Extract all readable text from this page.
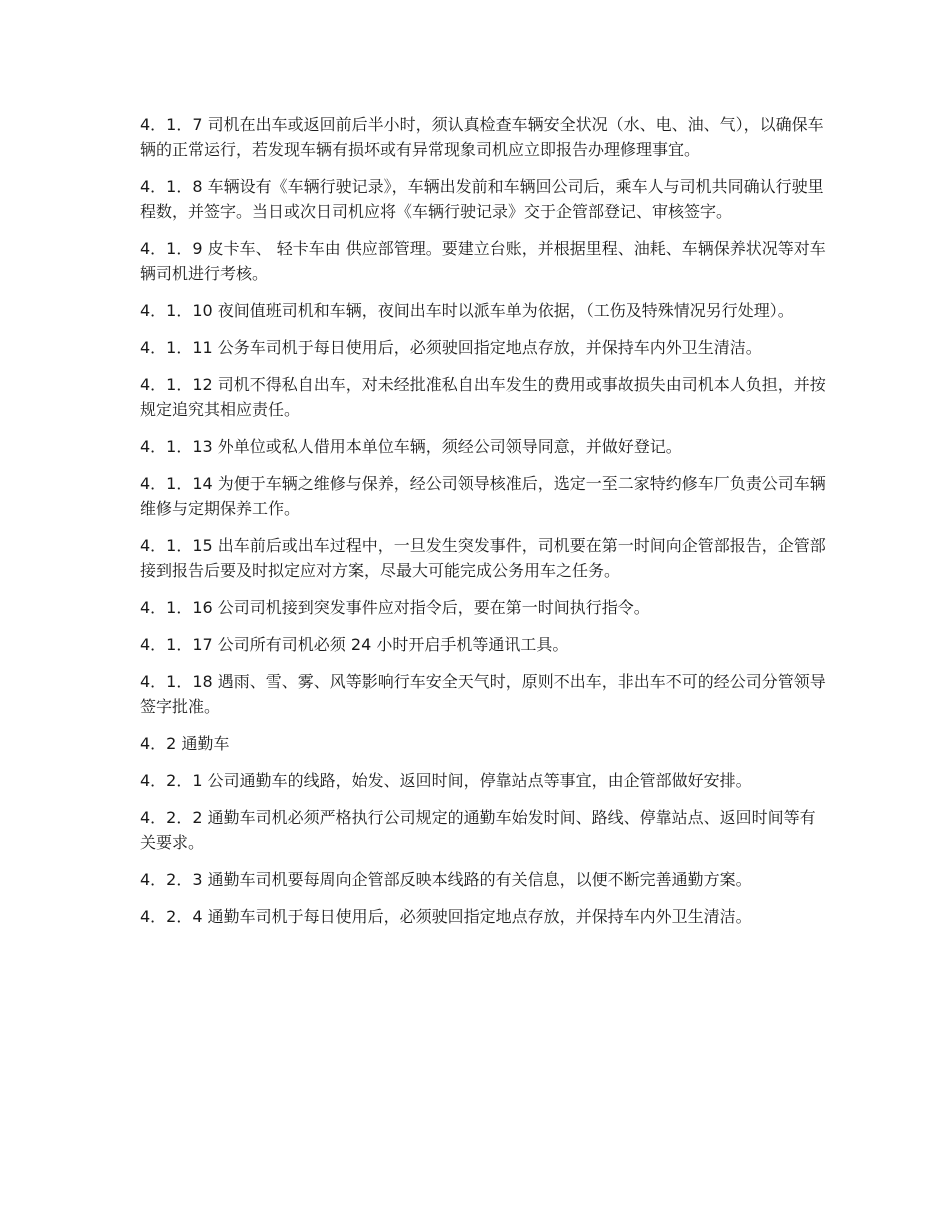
4．1．7 司机在出车或返回前后半小时，须认真检查车辆安全状况（水、电、油、气），以确保车辆的正常运行，若发现车辆有损坏或有异常现象司机应立即报告办理修理事宜。

4．1．8 车辆设有《车辆行驶记录》，车辆出发前和车辆回公司后，乘车人与司机共同确认行驶里程数，并签字。当日或次日司机应将《车辆行驶记录》交于企管部登记、审核签字。

4．1．9 皮卡车、 轻卡车由 供应部管理。要建立台账，并根据里程、油耗、车辆保养状况等对车辆司机进行考核。

4．1．10 夜间值班司机和车辆，夜间出车时以派车单为依据，（工伤及特殊情况另行处理）。

4．1．11 公务车司机于每日使用后，必须驶回指定地点存放，并保持车内外卫生清洁。

4．1．12 司机不得私自出车，对未经批准私自出车发生的费用或事故损失由司机本人负担，并按规定追究其相应责任。

4．1．13 外单位或私人借用本单位车辆，须经公司领导同意，并做好登记。

4．1．14 为便于车辆之维修与保养，经公司领导核准后，选定一至二家特约修车厂负责公司车辆维修与定期保养工作。

4．1．15 出车前后或出车过程中，一旦发生突发事件，司机要在第一时间向企管部报告，企管部接到报告后要及时拟定应对方案，尽最大可能完成公务用车之任务。

4．1．16 公司司机接到突发事件应对指令后，要在第一时间执行指令。

4．1．17 公司所有司机必须 24 小时开启手机等通讯工具。

4．1．18 遇雨、雪、雾、风等影响行车安全天气时，原则不出车，非出车不可的经公司分管领导签字批准。

4．2 通勤车

4．2．1 公司通勤车的线路，始发、返回时间，停靠站点等事宜，由企管部做好安排。

4．2．2 通勤车司机必须严格执行公司规定的通勤车始发时间、路线、停靠站点、返回时间等有关要求。

4．2．3 通勤车司机要每周向企管部反映本线路的有关信息，以便不断完善通勤方案。

4．2．4 通勤车司机于每日使用后，必须驶回指定地点存放，并保持车内外卫生清洁。
